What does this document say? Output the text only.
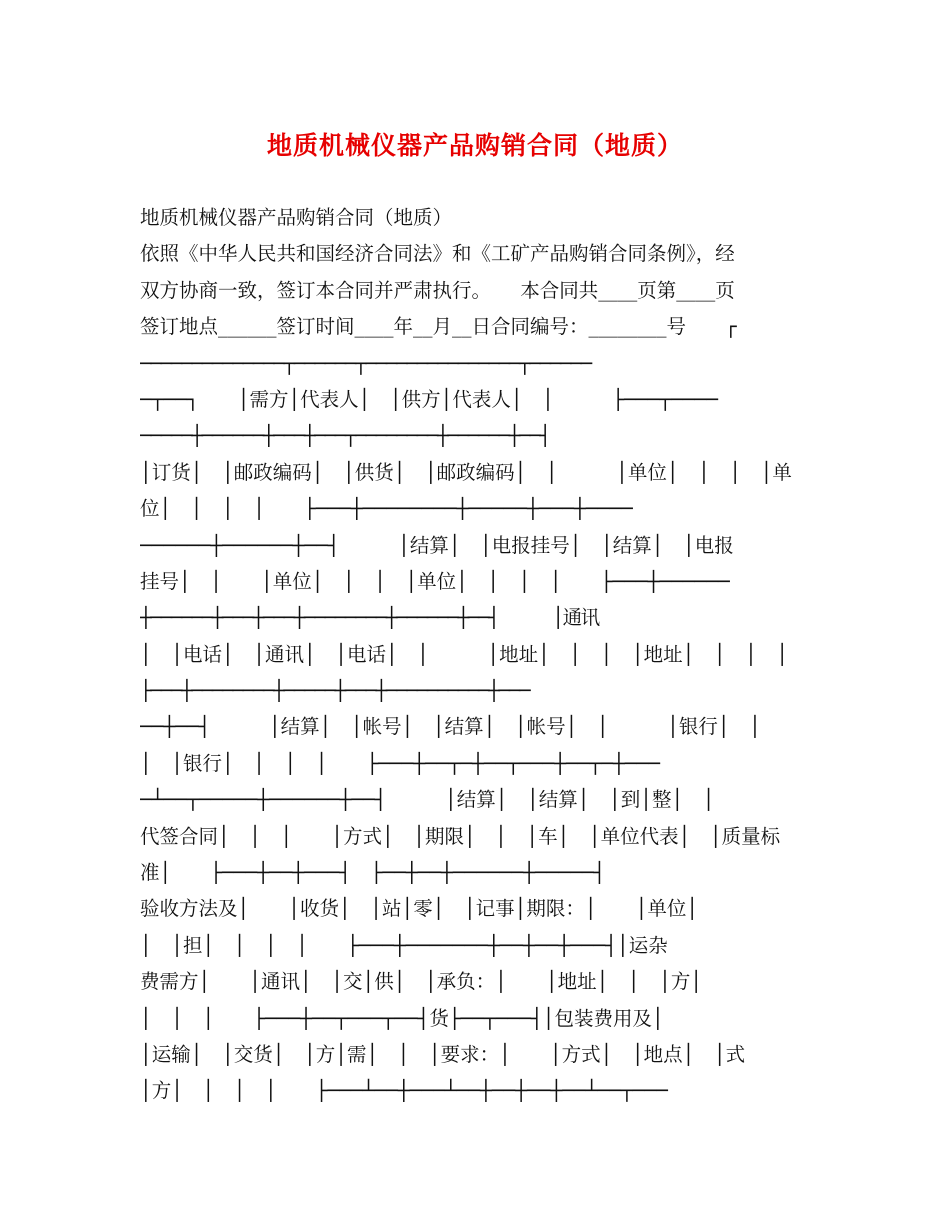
地质机械仪器产品购销合同（地质）
地质机械仪器产品购销合同（地质）
依照《中华人民共和国经济合同法》和《工矿产品购销合同条例》，经
双方协商一致，签订本合同并严肃执行。　　本合同共____页第____页
签订地点______签订时间____年__月__日合同编号：________号　　┌
──────────────┬──────┬───────────────┬──────
─┬──┐　　│需方│代表人│　│供方│代表人│　│　　　├───┬────
─────┼──────┼───┼───┬────────┼──────┼──┤
│订货│　│邮政编码│　│供货│　│邮政编码│　│　　　│单位│　│　│　│单
位│　│　│　│　　├───┼────────┼─────┼───┼────
──────┼──────┼──┤　　　│结算│　│电报挂号│　│结算│　│电报
挂号│　│　　│单位│　│　│　│单位│　│　│　│　　├───┼──────
┼──────┼───┼───┼────────┼──────┼──┤　　　│通讯
│　│电话│　│通讯│　│电话│　│　　　│地址│　│　│　│地址│　│　│　│
├───┼────────┼─────┼───┼──────────┼───
──┼──┤　　　│结算│　│帐号│　│结算│　│帐号│　│　　　│银行│　│
│　│银行│　│　│　│　　├───┼──┬─┼──┬───┼──┬─┼───
─┴──┬─────┼──────┼──┤　　　│结算│　│结算│　│到│整│　│
代签合同│　│　│　　│方式│　│期限│　│　│车│　│单位代表│　│质量标
准│　　├───┼──┼───┤　├──┼──┼──────┼─────┤
验收方法及│　　│收货│　│站│零│　│记事│期限：│　　│单位│
│　│担│　│　│　│　　├───┼───────┼──┼──┼───┤│运杂
费需方│　　│通讯│　│交│供│　│承负：│　　│地址│　│　│方│
│　│　│　　├───┼──┬───┬──┤货├──┬───┤│包装费用及│
│运输│　│交货│　│方│需│　│　│要求：│　　│方式│　│地点│　│式
│方│　│　│　│　　├───┴──┼───┴──┼──┼──┼──┴──┬───
